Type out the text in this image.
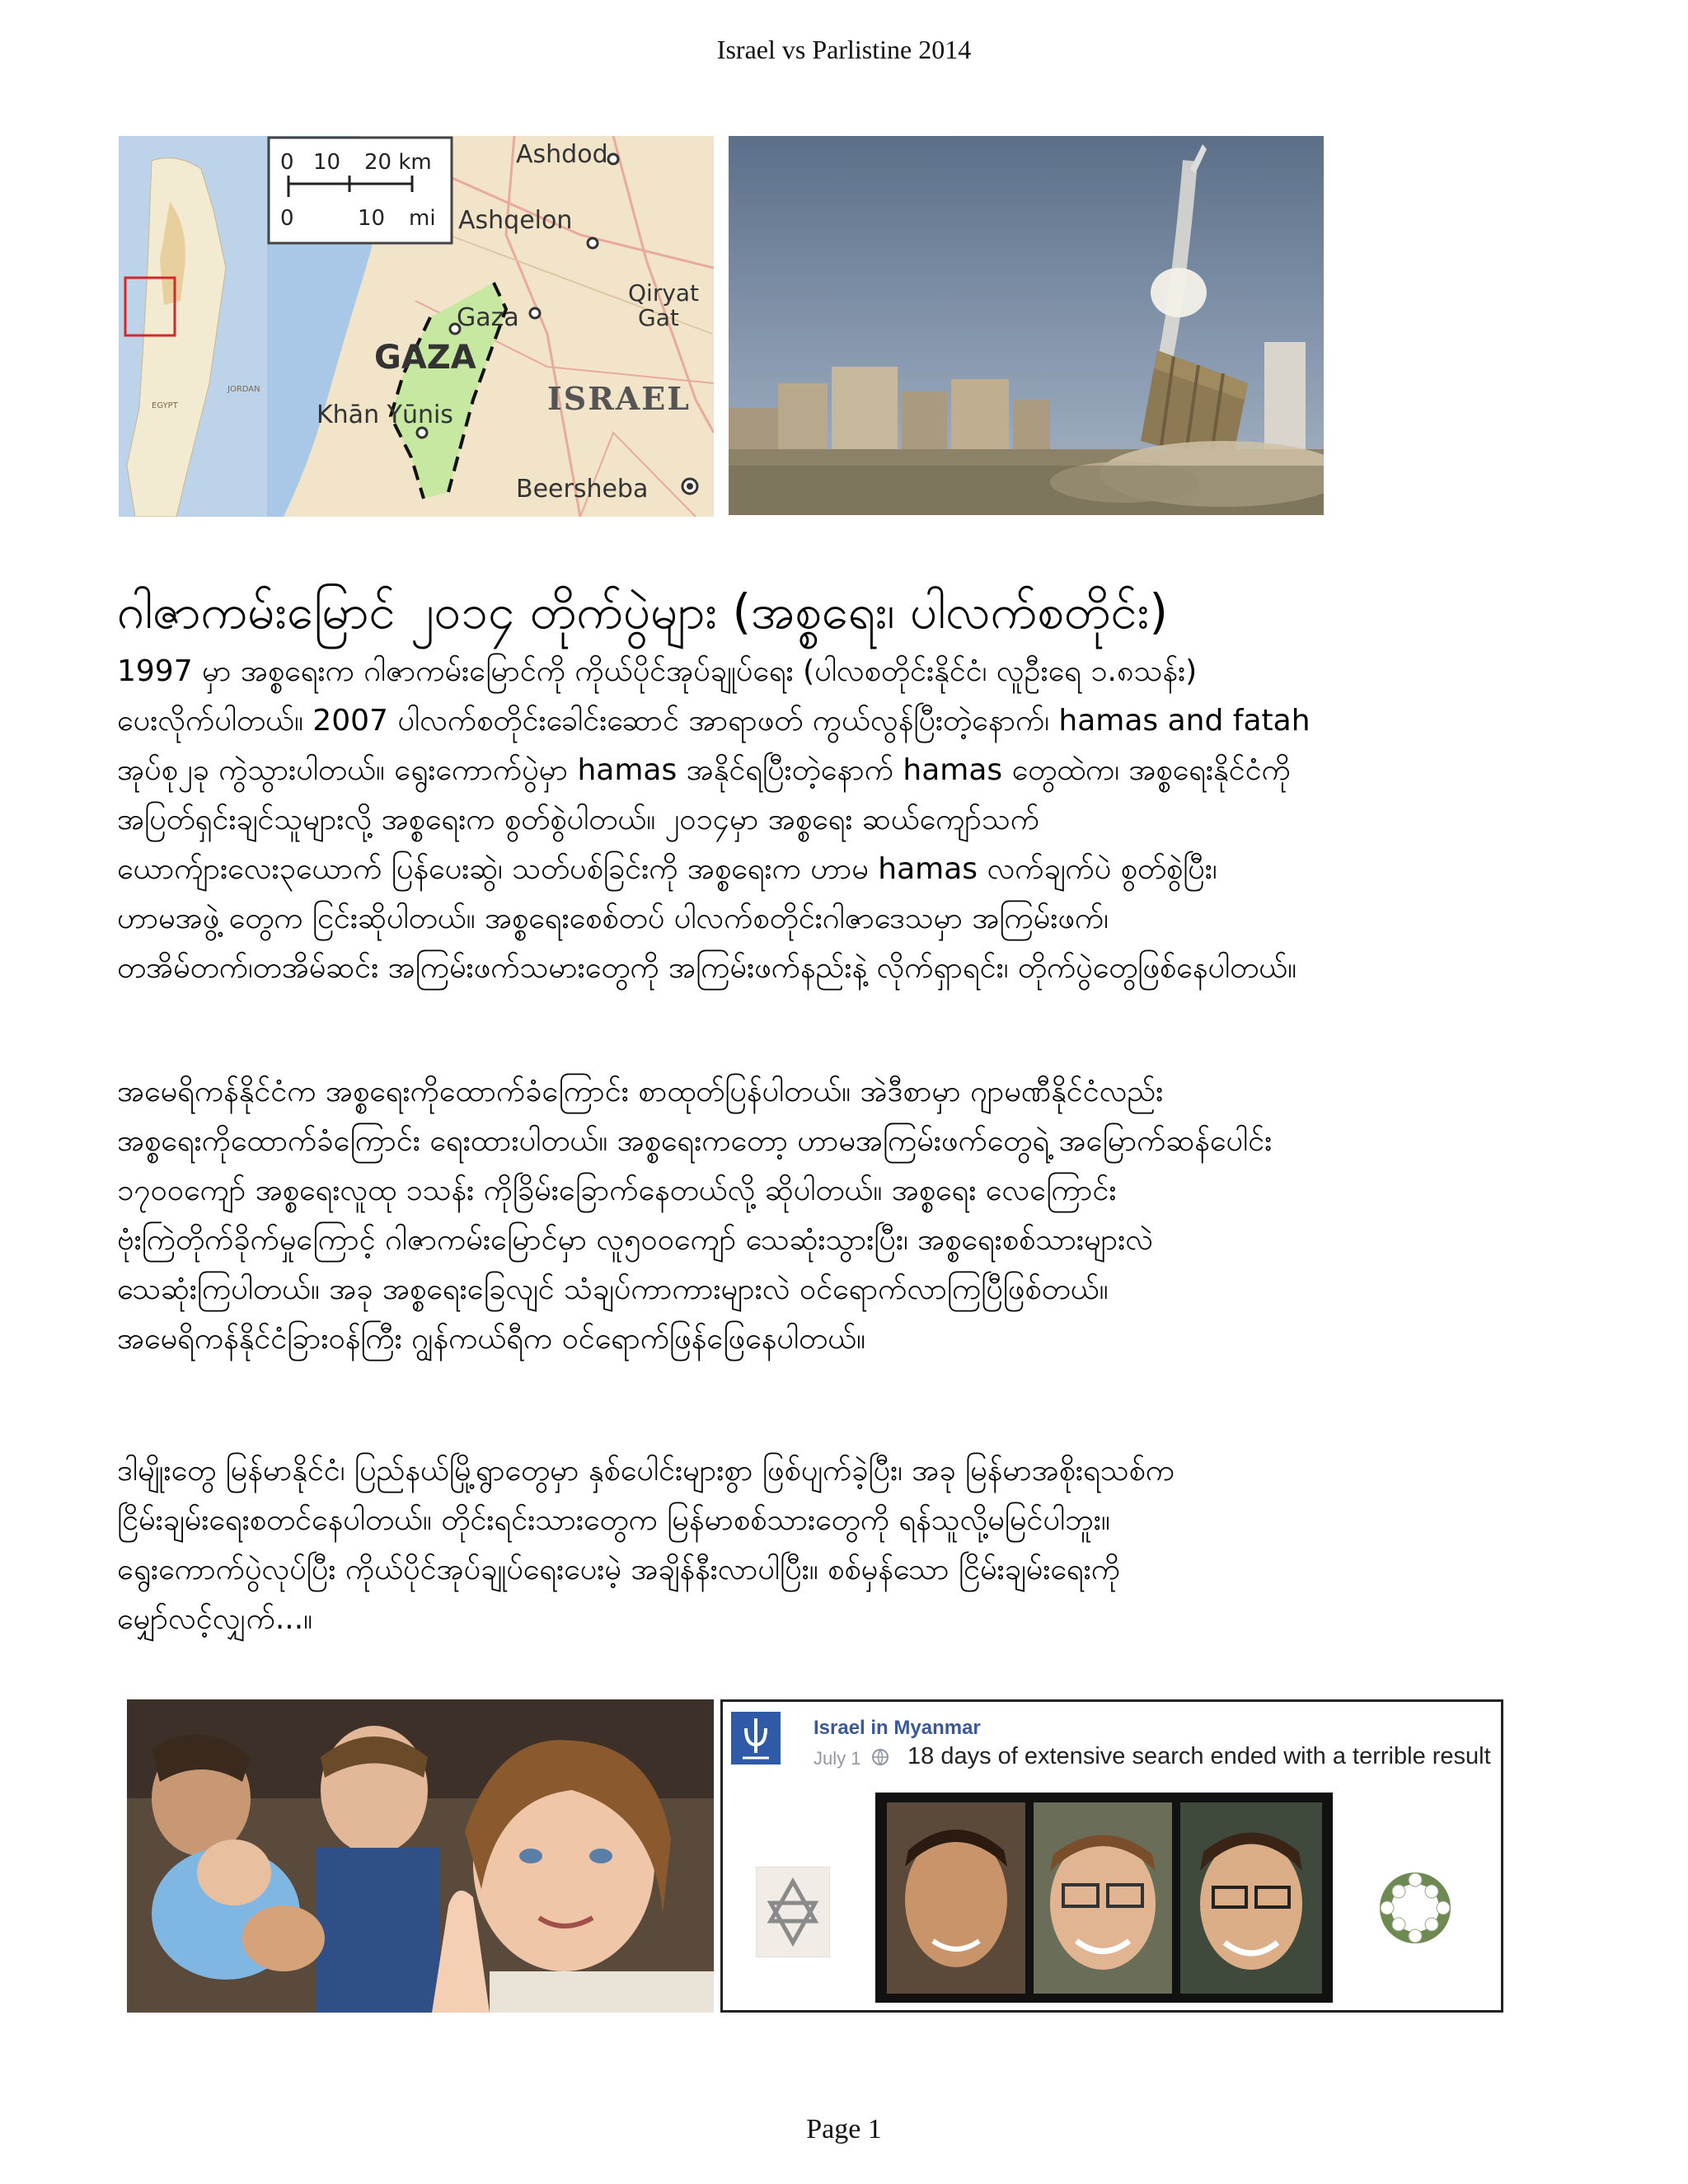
Israel vs Parlistine 2014
JORDAN
EGYPT
0 10 20 km
0	10 mi
Ashdod
Ashqelon
Qiryat
Gat
Gaza
GAZA
ISRAEL
Khān Yūnis
Beersheba
ဂါဇာကမ်းမြောင် ၂၀၁၄ တိုက်ပွဲများ (အစ္စရေး၊ ပါလက်စတိုင်း)
1997 မှာ အစ္စရေးက ဂါဇာကမ်းမြောင်ကို ကိုယ်ပိုင်အုပ်ချုပ်ရေး (ပါလစတိုင်းနိုင်ငံ၊ လူဦးရေ ၁.၈သန်း)
ပေးလိုက်ပါတယ်။ 2007 ပါလက်စတိုင်းခေါင်းဆောင် အာရာဖတ် ကွယ်လွန်ပြီးတဲ့နောက်၊ hamas and fatah
အုပ်စု၂ခု ကွဲသွားပါတယ်။ ရွေးကောက်ပွဲမှာ hamas အနိုင်ရပြီးတဲ့နောက် hamas တွေထဲက၊ အစ္စရေးနိုင်ငံကို
အပြတ်ရှင်းချင်သူများလို့ အစ္စရေးက စွတ်စွဲပါတယ်။ ၂၀၁၄မှာ အစ္စရေး ဆယ်ကျော်သက်
ယောက်ျားလေး၃ယောက် ပြန်ပေးဆွဲ၊ သတ်ပစ်ခြင်းကို အစ္စရေးက ဟာမ hamas လက်ချက်ပဲ စွတ်စွဲပြီး၊
ဟာမအဖွဲ့ တွေက ငြင်းဆိုပါတယ်။ အစ္စရေးစေစ်တပ် ပါလက်စတိုင်းဂါဇာဒေသမှာ အကြမ်းဖက်၊
တအိမ်တက်၊တအိမ်ဆင်း အကြမ်းဖက်သမားတွေကို အကြမ်းဖက်နည်းနဲ့ လိုက်ရှာရင်း၊ တိုက်ပွဲတွေဖြစ်နေပါတယ်။
အမေရိကန်နိုင်ငံက အစ္စရေးကိုထောက်ခံကြောင်း စာထုတ်ပြန်ပါတယ်။ အဲဒီစာမှာ ဂျာမဏီနိုင်ငံလည်း
အစ္စရေးကိုထောက်ခံကြောင်း ရေးထားပါတယ်။ အစ္စရေးကတော့ ဟာမအကြမ်းဖက်တွေရဲ့ အမြောက်ဆန်ပေါင်း
၁၇၀၀ကျော် အစ္စရေးလူထု ၁သန်း ကိုခြိမ်းခြောက်နေတယ်လို့ ဆိုပါတယ်။ အစ္စရေး လေကြောင်း
ဗုံးကြဲတိုက်ခိုက်မှုကြောင့် ဂါဇာကမ်းမြောင်မှာ လူ၅၀၀ကျော် သေဆုံးသွားပြီး၊ အစ္စရေးစစ်သားများလဲ
သေဆုံးကြပါတယ်။ အခု အစ္စရေးခြေလျင် သံချပ်ကာကားများလဲ ဝင်ရောက်လာကြပြီဖြစ်တယ်။
အမေရိကန်နိုင်ငံခြားဝန်ကြီး ဂျွန်ကယ်ရီက ဝင်ရောက်ဖြန်ဖြေနေပါတယ်။
ဒါမျိုးတွေ မြန်မာနိုင်ငံ၊ ပြည်နယ်မြို့ရွာတွေမှာ နှစ်ပေါင်းများစွာ ဖြစ်ပျက်ခဲ့ပြီး၊ အခု မြန်မာအစိုးရသစ်က
ငြိမ်းချမ်းရေးစတင်နေပါတယ်။ တိုင်းရင်းသားတွေက မြန်မာစစ်သားတွေကို ရန်သူလို့မမြင်ပါဘူး။
ရွေးကောက်ပွဲလုပ်ပြီး ကိုယ်ပိုင်အုပ်ချုပ်ရေးပေးမဲ့ အချိန်နီးလာပါပြီး။ စစ်မှန်သော ငြိမ်းချမ်းရေးကို
မျှော်လင့်လျှက်...။
Israel in Myanmar
July 1 18 days of extensive search ended with a terrible result
Page 1
